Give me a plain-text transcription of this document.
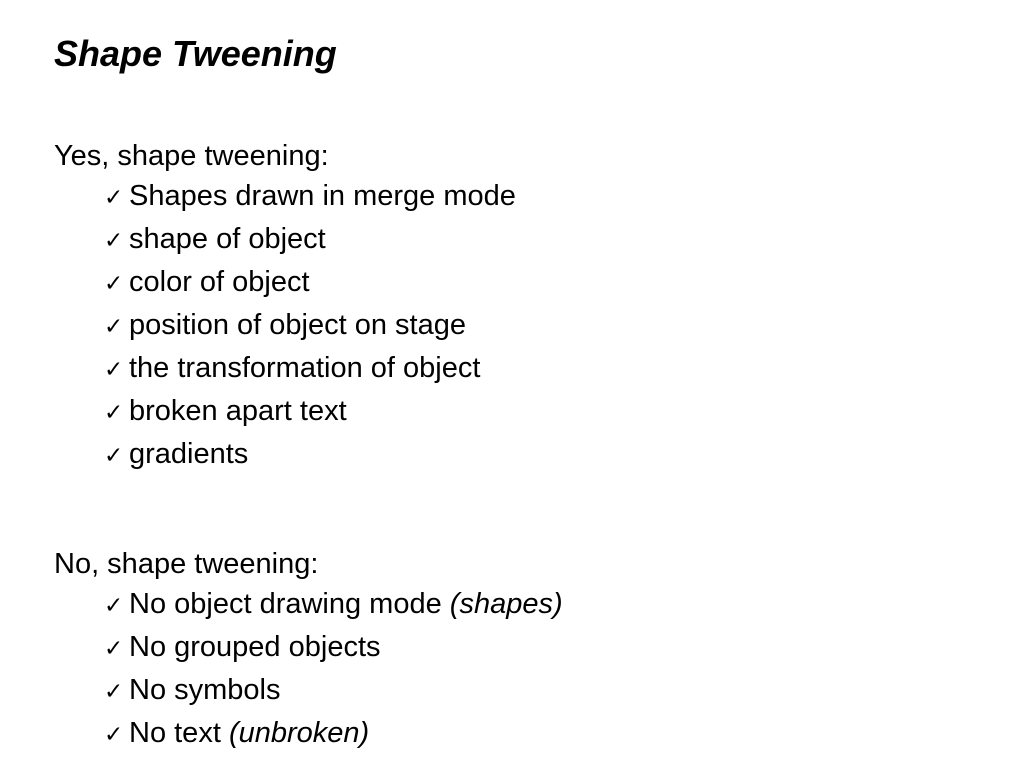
Shape Tweening

Yes, shape tweening:

✓ Shapes drawn in merge mode
✓ shape of object
✓ color of object
✓ position of object on stage
✓ the transformation of object
✓ broken apart text
✓ gradients

No, shape tweening:

✓ No object drawing mode (shapes)
✓ No grouped objects
✓ No symbols
✓ No text (unbroken)
